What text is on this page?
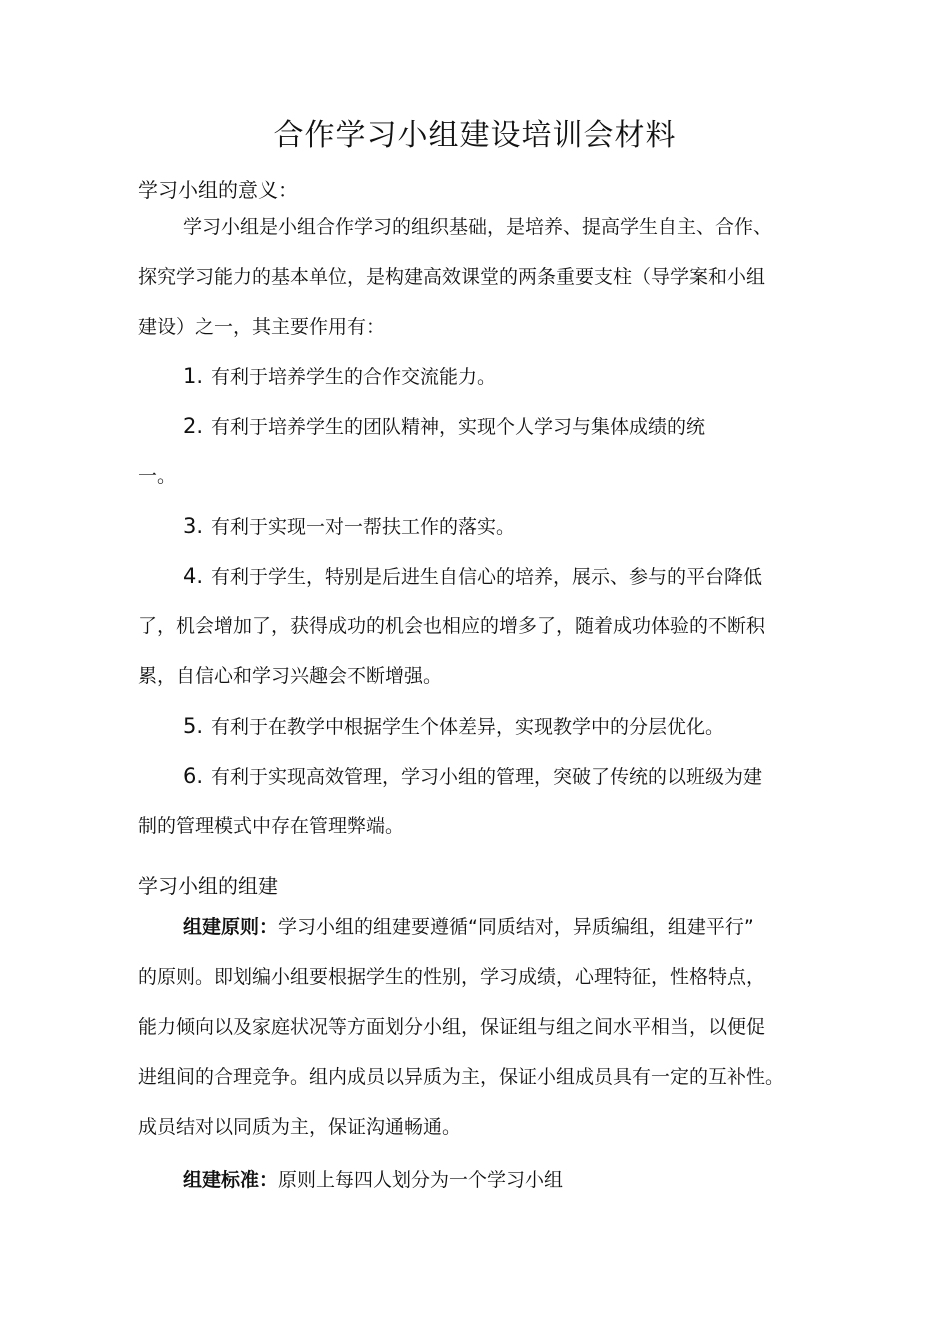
合作学习小组建设培训会材料
学习小组的意义：

学习小组是小组合作学习的组织基础，是培养、提高学生自主、合作、

探究学习能力的基本单位，是构建高效课堂的两条重要支柱（导学案和小组

建设）之一，其主要作用有：

1. 有利于培养学生的合作交流能力。

2. 有利于培养学生的团队精神，实现个人学习与集体成绩的统

一。

3. 有利于实现一对一帮扶工作的落实。

4. 有利于学生，特别是后进生自信心的培养，展示、参与的平台降低

了，机会增加了，获得成功的机会也相应的增多了，随着成功体验的不断积

累，自信心和学习兴趣会不断增强。

5. 有利于在教学中根据学生个体差异，实现教学中的分层优化。

6. 有利于实现高效管理，学习小组的管理，突破了传统的以班级为建

制的管理模式中存在管理弊端。

学习小组的组建

组建原则：学习小组的组建要遵循“同质结对，异质编组，组建平行”

的原则。即划编小组要根据学生的性别，学习成绩，心理特征，性格特点，

能力倾向以及家庭状况等方面划分小组，保证组与组之间水平相当，以便促

进组间的合理竞争。组内成员以异质为主，保证小组成员具有一定的互补性。

成员结对以同质为主，保证沟通畅通。

组建标准：原则上每四人划分为一个学习小组
